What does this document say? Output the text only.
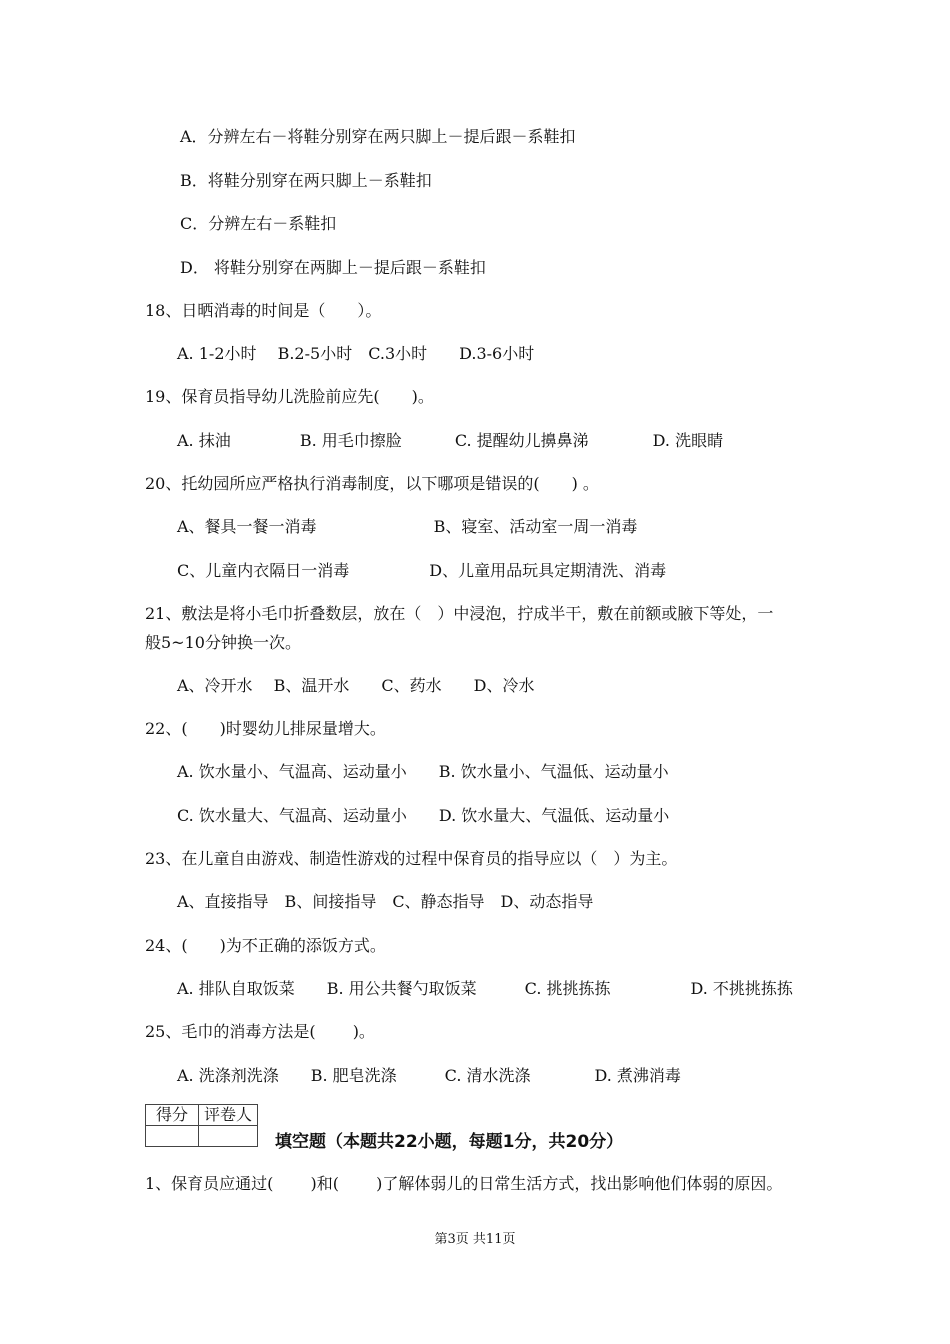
A．分辨左右－将鞋分别穿在两只脚上－提后跟－系鞋扣
B．将鞋分别穿在两只脚上－系鞋扣
C．分辨左右－系鞋扣
D． 将鞋分别穿在两脚上－提后跟－系鞋扣
18、日晒消毒的时间是（　　）。
A. 1-2小时　 B.2-5小时　C.3小时　　D.3-6小时
19、保育员指导幼儿洗脸前应先(　　)。
A. 抹油　　　　 B. 用毛巾擦脸　　　 C. 提醒幼儿擤鼻涕　　　　D. 洗眼睛
20、托幼园所应严格执行消毒制度，以下哪项是错误的(　　) 。
A、餐具一餐一消毒　　　　　　　 B、寝室、活动室一周一消毒
C、儿童内衣隔日一消毒　　　　　D、儿童用品玩具定期清洗、消毒
21、敷法是将小毛巾折叠数层，放在（　）中浸泡，拧成半干，敷在前额或腋下等处，一
般5~10分钟换一次。
A、冷开水　 B、温开水　　C、药水　　D、冷水
22、(　　)时婴幼儿排尿量增大。
A. 饮水量小、气温高、运动量小　　B. 饮水量小、气温低、运动量小
C. 饮水量大、气温高、运动量小　　D. 饮水量大、气温低、运动量小
23、在儿童自由游戏、制造性游戏的过程中保育员的指导应以（　）为主。
A、直接指导　B、间接指导　C、静态指导　D、动态指导
24、(　　)为不正确的添饭方式。
A. 排队自取饭菜　　B. 用公共餐勺取饭菜　　　C. 挑挑拣拣　　　　　D. 不挑挑拣拣
25、毛巾的消毒方法是(　　 )。
A. 洗涤剂洗涤　　B. 肥皂洗涤　　　C. 清水洗涤　　　　D. 煮沸消毒
得分	评卷人

填空题（本题共22小题，每题1分，共20分）
1、保育员应通过(　　 )和(　　 )了解体弱儿的日常生活方式，找出影响他们体弱的原因。
第3页 共11页
